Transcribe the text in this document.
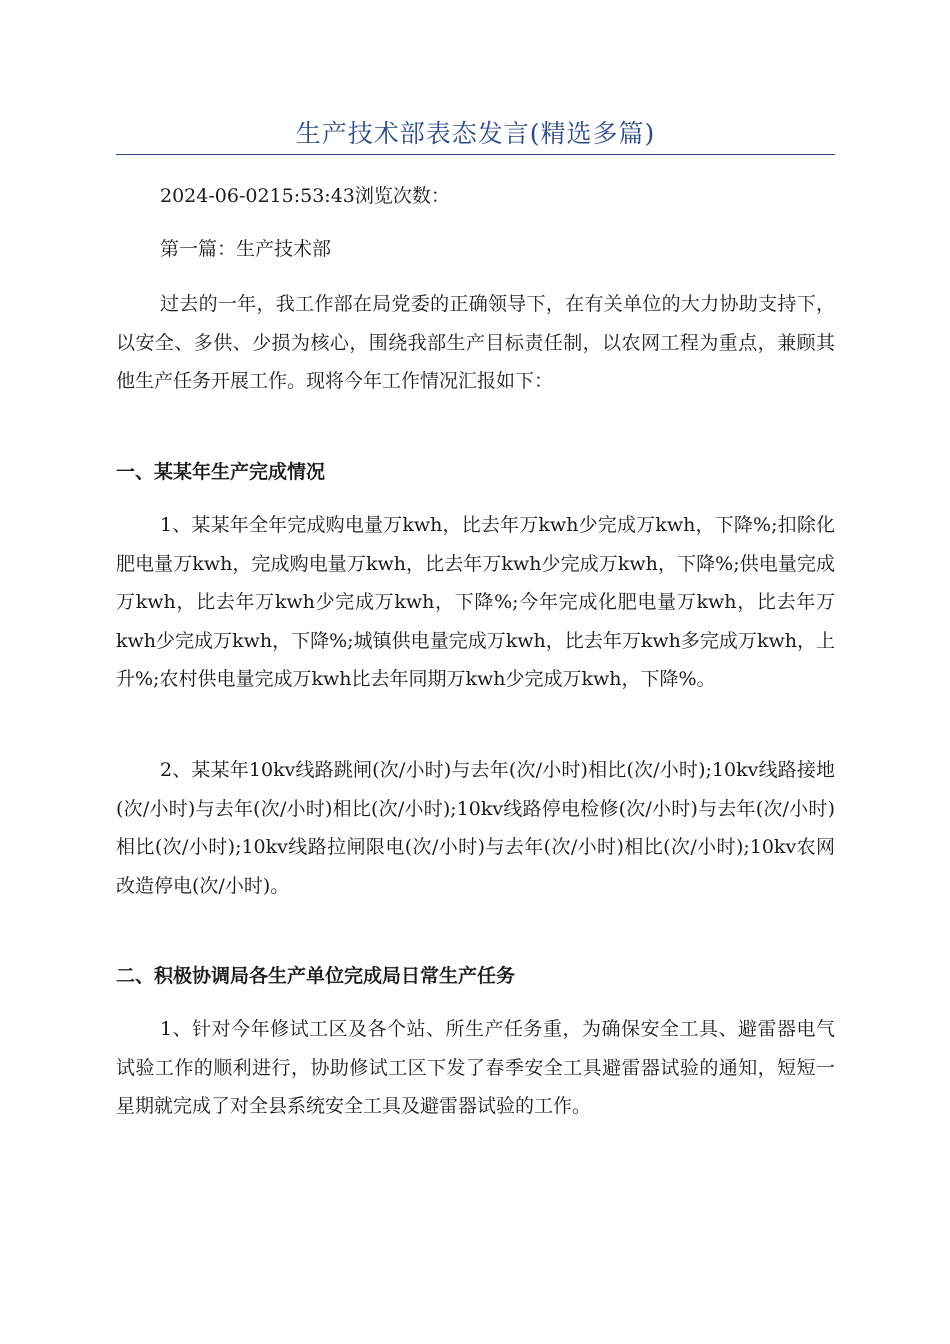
生产技术部表态发言(精选多篇)
2024-06-0215:53:43浏览次数：
第一篇：生产技术部

过去的一年，我工作部在局党委的正确领导下，在有关单位的大力协助支持下，以安全、多供、少损为核心，围绕我部生产目标责任制，以农网工程为重点，兼顾其他生产任务开展工作。现将今年工作情况汇报如下：

一、某某年生产完成情况

1、某某年全年完成购电量万kwh，比去年万kwh少完成万kwh，下降%;扣除化肥电量万kwh，完成购电量万kwh，比去年万kwh少完成万kwh，下降%;供电量完成万kwh，比去年万kwh少完成万kwh，下降%;今年完成化肥电量万kwh，比去年万kwh少完成万kwh，下降%;城镇供电量完成万kwh，比去年万kwh多完成万kwh，上升%;农村供电量完成万kwh比去年同期万kwh少完成万kwh，下降%。

2、某某年10kv线路跳闸(次/小时)与去年(次/小时)相比(次/小时);10kv线路接地(次/小时)与去年(次/小时)相比(次/小时);10kv线路停电检修(次/小时)与去年(次/小时)相比(次/小时);10kv线路拉闸限电(次/小时)与去年(次/小时)相比(次/小时);10kv农网改造停电(次/小时)。

二、积极协调局各生产单位完成局日常生产任务

1、针对今年修试工区及各个站、所生产任务重，为确保安全工具、避雷器电气试验工作的顺利进行，协助修试工区下发了春季安全工具避雷器试验的通知，短短一星期就完成了对全县系统安全工具及避雷器试验的工作。
